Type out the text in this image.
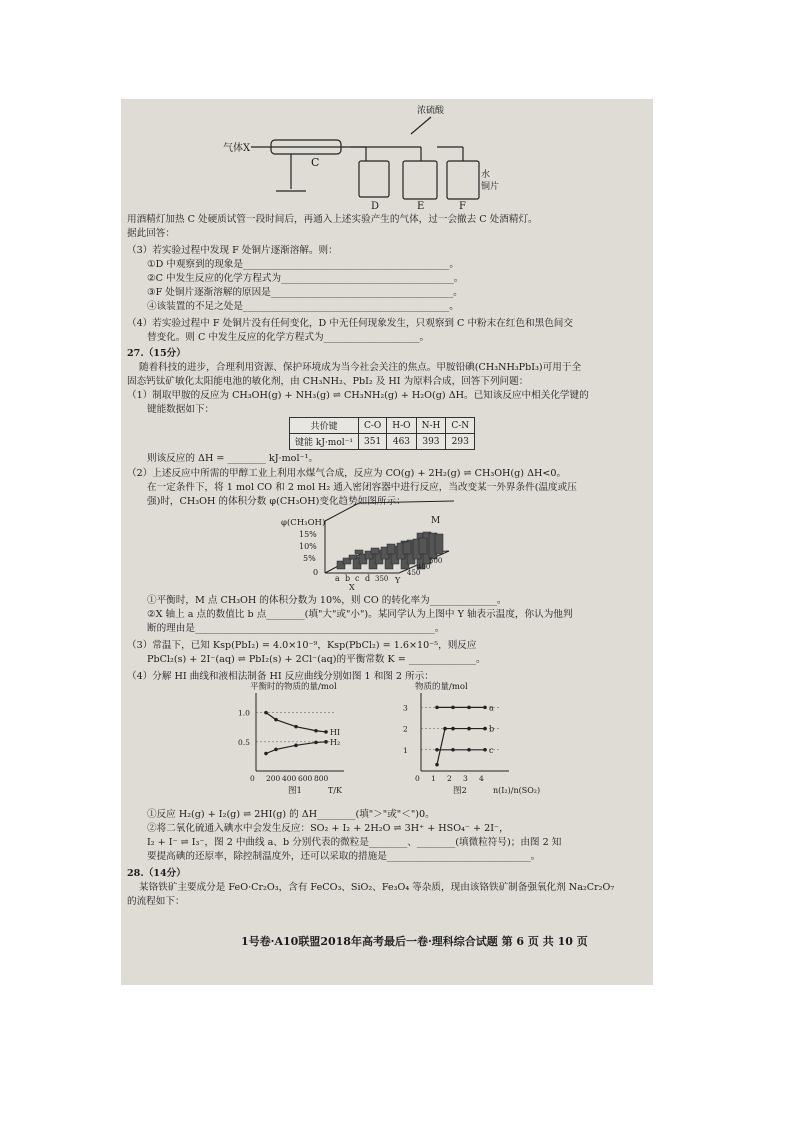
气体X
C
浓硫酸
水
铜片
D	E	F
用酒精灯加热 C 处硬质试管一段时间后，再通入上述实验产生的气体，过一会撤去 C 处酒精灯。
据此回答：
（3）若实验过程中发现 F 处铜片逐渐溶解。则：
①D 中观察到的现象是___________________________________________。
②C 中发生反应的化学方程式为____________________________________。
③F 处铜片逐渐溶解的原因是______________________________________。
④该装置的不足之处是___________________________________________。
（4）若实验过程中 F 处铜片没有任何变化，D 中无任何现象发生，只观察到 C 中粉末在红色和黑色间交
替变化。则 C 中发生反应的化学方程式为____________________。
27.（15分）
随着科技的进步，合理利用资源、保护环境成为当今社会关注的焦点。甲胺铅碘(CH₃NH₃PbI₃)可用于全
固态钙钛矿敏化太阳能电池的敏化剂，由 CH₃NH₂、PbI₂ 及 HI 为原料合成，回答下列问题：
（1）制取甲胺的反应为 CH₃OH(g) + NH₃(g) ⇌ CH₃NH₂(g) + H₂O(g) ΔH。已知该反应中相关化学键的
键能数据如下：
共价键	C-O	H-O	N-H	C-N
键能 kJ·mol⁻¹	351	463	393	293
则该反应的 ΔH = ________ kJ·mol⁻¹。
（2）上述反应中所需的甲醇工业上利用水煤气合成，反应为 CO(g) + 2H₂(g) ⇌ CH₃OH(g) ΔH<0。
在一定条件下，将 1 mol CO 和 2 mol H₂ 通入密闭容器中进行反应，当改变某一外界条件(温度或压
强)时，CH₃OH 的体积分数 φ(CH₃OH)变化趋势如图所示：
φ(CH₃OH)
15%
10%
5%
0
a b c d
X
350
400
450
500
Y
M
①平衡时，M 点 CH₃OH 的体积分数为 10%，则 CO 的转化率为______________。
②X 轴上 a 点的数值比 b 点________(填"大"或"小")。某同学认为上图中 Y 轴表示温度，你认为他判
断的理由是__________________________________________________。
（3）常温下，已知 Ksp(PbI₂) = 4.0×10⁻⁹，Ksp(PbCl₂) = 1.6×10⁻⁵，则反应
PbCl₂(s) + 2I⁻(aq) ⇌ PbI₂(s) + 2Cl⁻(aq)的平衡常数 K = ______________。
（4）分解 HI 曲线和液相法制备 HI 反应曲线分别如图 1 和图 2 所示：
平衡时的物质的量/mol
T/K
图1
0 200 400 600 800
1.0
0.5
HI
H₂
物质的量/mol
n(I₂)/n(SO₂)
图2
0 1 2 3 4
3
2
1
a
b
c
①反应 H₂(g) + I₂(g) ⇌ 2HI(g) 的 ΔH________(填"＞"或"＜")0。
②将二氧化硫通入碘水中会发生反应：SO₂ + I₂ + 2H₂O ⇌ 3H⁺ + HSO₄⁻ + 2I⁻，
I₂ + I⁻ ⇌ I₃⁻，图 2 中曲线 a、b 分别代表的微粒是________、________(填微粒符号)；由图 2 知
要提高碘的还原率，除控制温度外，还可以采取的措施是______________________________。
28.（14分）
某铬铁矿主要成分是 FeO·Cr₂O₃，含有 FeCO₃、SiO₂、Fe₃O₄ 等杂质，现由该铬铁矿制备强氧化剂 Na₂Cr₂O₇
的流程如下：
1号卷·A10联盟2018年高考最后一卷·理科综合试题 第 6 页 共 10 页
